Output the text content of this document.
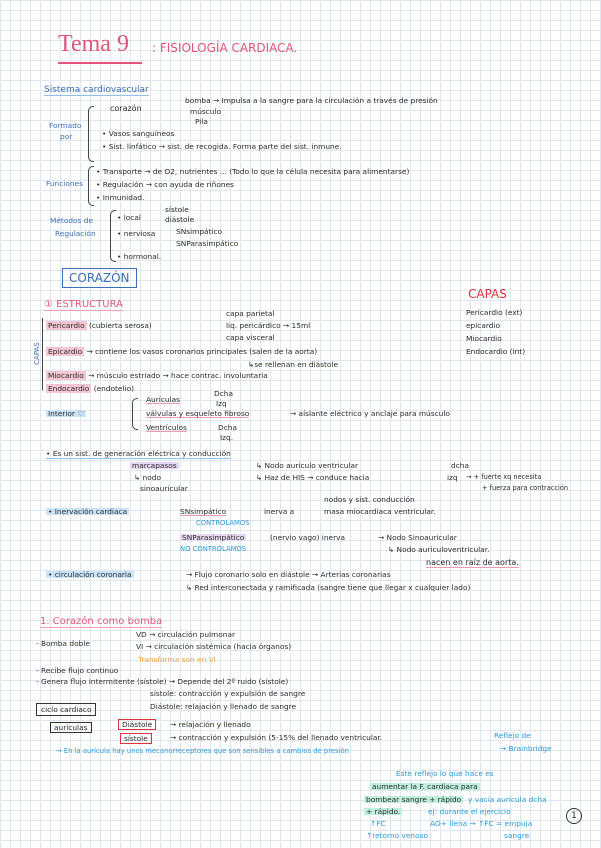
Tema 9 : FISIOLOGÍA CARDIACA.
Sistema cardiovascular
Formado
por
corazón
bomba → Impulsa a la sangre para la circulación a través de presión
músculo
Pila
• Vasos sanguíneos
• Sist. linfático → sist. de recogida. Forma parte del sist. inmune.
Funciones
• Transporte → de O2, nutrientes ... (Todo lo que la célula necesita para alimentarse)
• Regulación → con ayuda de riñones
• Inmunidad.
Métodos de
Regulación
• local
sístole
diástole
• nerviosa	SNsimpático
SNParasimpático
• hormonal.
CORAZÓN
CAPAS
Pericardio (ext)
epicardio
Miocardio
Endocardio (int)
① ESTRUCTURA
CAPAS
Pericardio (cubierta serosa)
capa parietal
liq. pericárdico → 15ml
capa visceral
Epicardio → contiene los vasos coronarios principales (salen de la aorta)
↳se rellenan en diástole
Miocardio → músculo estriado → hace contrac. involuntaria
Endocardio (endotelio)
Interior ♡
Aurículas
Dcha
Izq
válvulas y esqueleto fibroso	→ aíslante eléctrico y anclaje para músculo
Ventrículos	Dcha
Izq.
• Es un sist. de generación eléctrica y conducción
marcapasos
↳ nodo
sinoauricular
↳ Nodo auriculo ventricular
↳ Haz de HIS → conduce hacia
dcha
izq → + fuerte xq necesita
+ fuerza para contracción
• Inervación cardiaca	SNsimpático
CONTROLAMOS
inerva a
nodos y sist. conducción
masa miocardiaca ventricular.
SNParasimpático	(nervio vago) inerva
NO CONTROLAMOS
→ Nodo Sinoauricular
↳ Nodo auriculoventricular.
nacen en raíz de aorta.
• circulación coronaria	→ Flujo coronario solo en diástole → Arterias coronarias
↳ Red interconectada y ramificada (sangre tiene que llegar x cualquier lado)
1. Corazón como bomba
- Bomba doble
VD → circulación pulmonar
VI → circulación sistémica (hacia órganos)
Transforma son en VI
- Recibe flujo continuo
- Genera flujo intermitente (sístole) → Depende del 2º ruido (sístole)
ciclo cardiaco
sístole: contracción y expulsión de sangre
Diástole: relajación y llenado de sangre
aurículas	Diástole	→ relajación y llenado
sístole	→ contracción y expulsión (5-15% del llenado ventricular.	Reflejo de
→ Brainbridge
→ En la aurícula hay unos mecanorreceptores que son sensibles a cambios de presión
Este reflejo lo que hace es
aumentar la F. cardiaca para
bombear sangre + rápido y vacía aurícula dcha
+ rápido.	ej: durante el ejercicio
↑FC	AO+ llena → ↑FC = empuja
sangre
↑retorno venoso
1
